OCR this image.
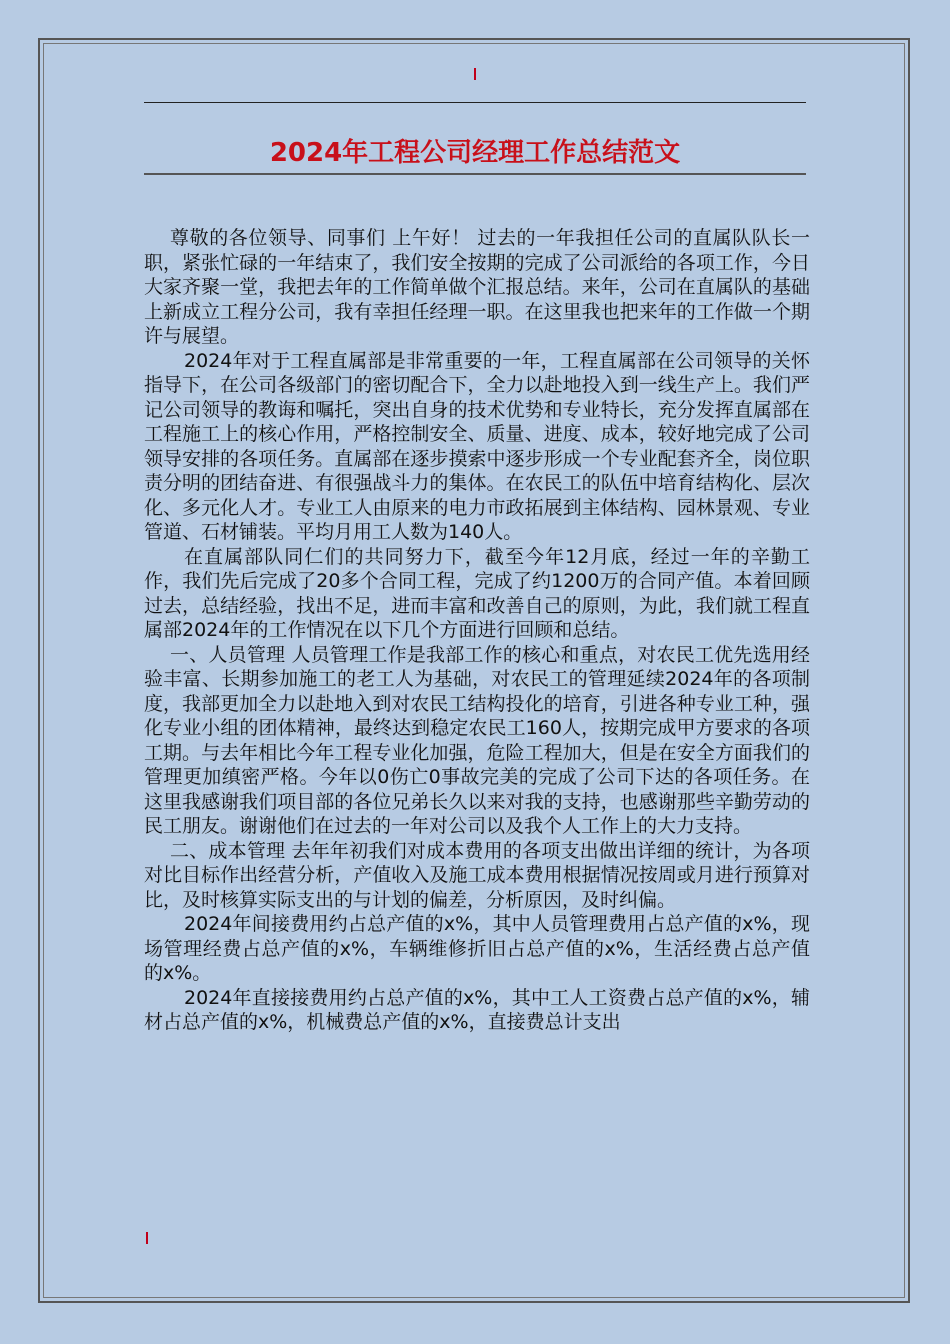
2024年工程公司经理工作总结范文

尊敬的各位领导、同事们 上午好！ 过去的一年我担任公司的直属队队长一职，紧张忙碌的一年结束了，我们安全按期的完成了公司派给的各项工作，今日大家齐聚一堂，我把去年的工作简单做个汇报总结。来年，公司在直属队的基础上新成立工程分公司，我有幸担任经理一职。在这里我也把来年的工作做一个期许与展望。

2024年对于工程直属部是非常重要的一年，工程直属部在公司领导的关怀指导下，在公司各级部门的密切配合下，全力以赴地投入到一线生产上。我们严记公司领导的教诲和嘱托，突出自身的技术优势和专业特长，充分发挥直属部在工程施工上的核心作用，严格控制安全、质量、进度、成本，较好地完成了公司领导安排的各项任务。直属部在逐步摸索中逐步形成一个专业配套齐全，岗位职责分明的团结奋进、有很强战斗力的集体。在农民工的队伍中培育结构化、层次化、多元化人才。专业工人由原来的电力市政拓展到主体结构、园林景观、专业管道、石材铺装。平均月用工人数为140人。

在直属部队同仁们的共同努力下，截至今年12月底，经过一年的辛勤工作，我们先后完成了20多个合同工程，完成了约1200万的合同产值。本着回顾过去，总结经验，找出不足，进而丰富和改善自己的原则，为此，我们就工程直属部2024年的工作情况在以下几个方面进行回顾和总结。

一、人员管理 人员管理工作是我部工作的核心和重点，对农民工优先选用经验丰富、长期参加施工的老工人为基础，对农民工的管理延续2024年的各项制度，我部更加全力以赴地入到对农民工结构投化的培育，引进各种专业工种，强化专业小组的团体精神，最终达到稳定农民工160人，按期完成甲方要求的各项工期。与去年相比今年工程专业化加强，危险工程加大，但是在安全方面我们的管理更加缜密严格。今年以0伤亡0事故完美的完成了公司下达的各项任务。在这里我感谢我们项目部的各位兄弟长久以来对我的支持，也感谢那些辛勤劳动的民工朋友。谢谢他们在过去的一年对公司以及我个人工作上的大力支持。

二、成本管理 去年年初我们对成本费用的各项支出做出详细的统计，为各项对比目标作出经营分析，产值收入及施工成本费用根据情况按周或月进行预算对比，及时核算实际支出的与计划的偏差，分析原因，及时纠偏。

2024年间接费用约占总产值的x%，其中人员管理费用占总产值的x%，现场管理经费占总产值的x%，车辆维修折旧占总产值的x%，生活经费占总产值的x%。

2024年直接接费用约占总产值的x%，其中工人工资费占总产值的x%，辅材占总产值的x%，机械费总产值的x%，直接费总计支出
